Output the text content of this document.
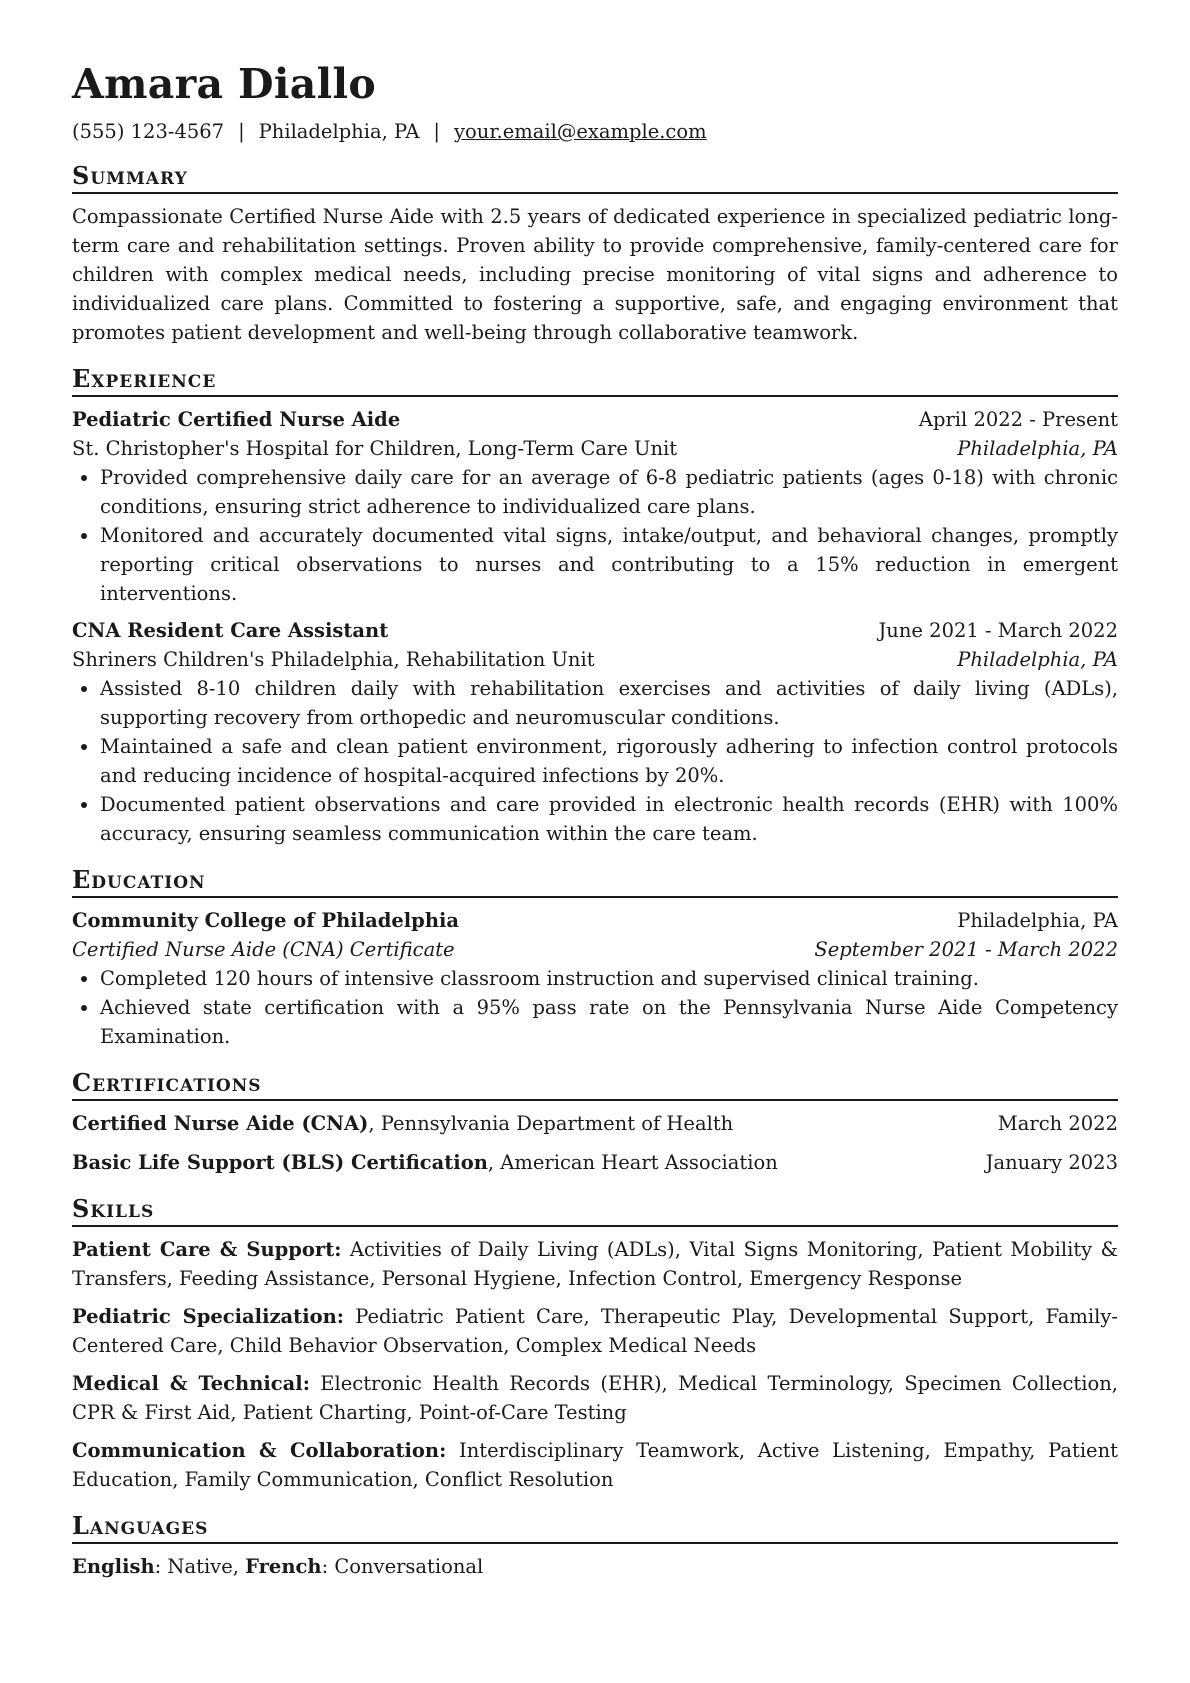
Amara Diallo
(555) 123-4567 | Philadelphia, PA | your.email@example.com
Summary

Compassionate Certified Nurse Aide with 2.5 years of dedicated experience in specialized pediatric long-term care and rehabilitation settings. Proven ability to provide comprehensive, family-centered care for children with complex medical needs, including precise monitoring of vital signs and adherence to individualized care plans. Committed to fostering a supportive, safe, and engaging environment that promotes patient development and well-being through collaborative teamwork.

Experience
Pediatric Certified Nurse Aide	April 2022 - Present
St. Christopher's Hospital for Children, Long-Term Care Unit	Philadelphia, PA
• Provided comprehensive daily care for an average of 6-8 pediatric patients (ages 0-18) with chronic conditions, ensuring strict adherence to individualized care plans.
• Monitored and accurately documented vital signs, intake/output, and behavioral changes, promptly reporting critical observations to nurses and contributing to a 15% reduction in emergent interventions.
CNA Resident Care Assistant	June 2021 - March 2022
Shriners Children's Philadelphia, Rehabilitation Unit	Philadelphia, PA
• Assisted 8-10 children daily with rehabilitation exercises and activities of daily living (ADLs), supporting recovery from orthopedic and neuromuscular conditions.
• Maintained a safe and clean patient environment, rigorously adhering to infection control protocols and reducing incidence of hospital-acquired infections by 20%.
• Documented patient observations and care provided in electronic health records (EHR) with 100% accuracy, ensuring seamless communication within the care team.
Education
Community College of Philadelphia	Philadelphia, PA
Certified Nurse Aide (CNA) Certificate	September 2021 - March 2022
• Completed 120 hours of intensive classroom instruction and supervised clinical training.
• Achieved state certification with a 95% pass rate on the Pennsylvania Nurse Aide Competency Examination.
Certifications
Certified Nurse Aide (CNA), Pennsylvania Department of Health	March 2022
Basic Life Support (BLS) Certification, American Heart Association	January 2023
Skills
Patient Care & Support: Activities of Daily Living (ADLs), Vital Signs Monitoring, Patient Mobility & Transfers, Feeding Assistance, Personal Hygiene, Infection Control, Emergency Response
Pediatric Specialization: Pediatric Patient Care, Therapeutic Play, Developmental Support, Family-Centered Care, Child Behavior Observation, Complex Medical Needs
Medical & Technical: Electronic Health Records (EHR), Medical Terminology, Specimen Collection, CPR & First Aid, Patient Charting, Point-of-Care Testing
Communication & Collaboration: Interdisciplinary Teamwork, Active Listening, Empathy, Patient Education, Family Communication, Conflict Resolution
Languages

English: Native, French: Conversational
